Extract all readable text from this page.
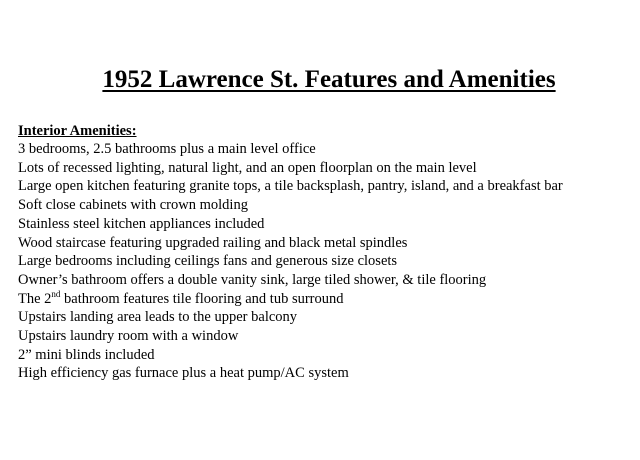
1952 Lawrence St. Features and Amenities
Interior Amenities:
3 bedrooms, 2.5 bathrooms plus a main level office
Lots of recessed lighting, natural light, and an open floorplan on the main level
Large open kitchen featuring granite tops, a tile backsplash, pantry, island, and a breakfast bar
Soft close cabinets with crown molding
Stainless steel kitchen appliances included
Wood staircase featuring upgraded railing and black metal spindles
Large bedrooms including ceilings fans and generous size closets
Owner’s bathroom offers a double vanity sink, large tiled shower, & tile flooring
The 2nd bathroom features tile flooring and tub surround
Upstairs landing area leads to the upper balcony
Upstairs laundry room with a window
2” mini blinds included
High efficiency gas furnace plus a heat pump/AC system
